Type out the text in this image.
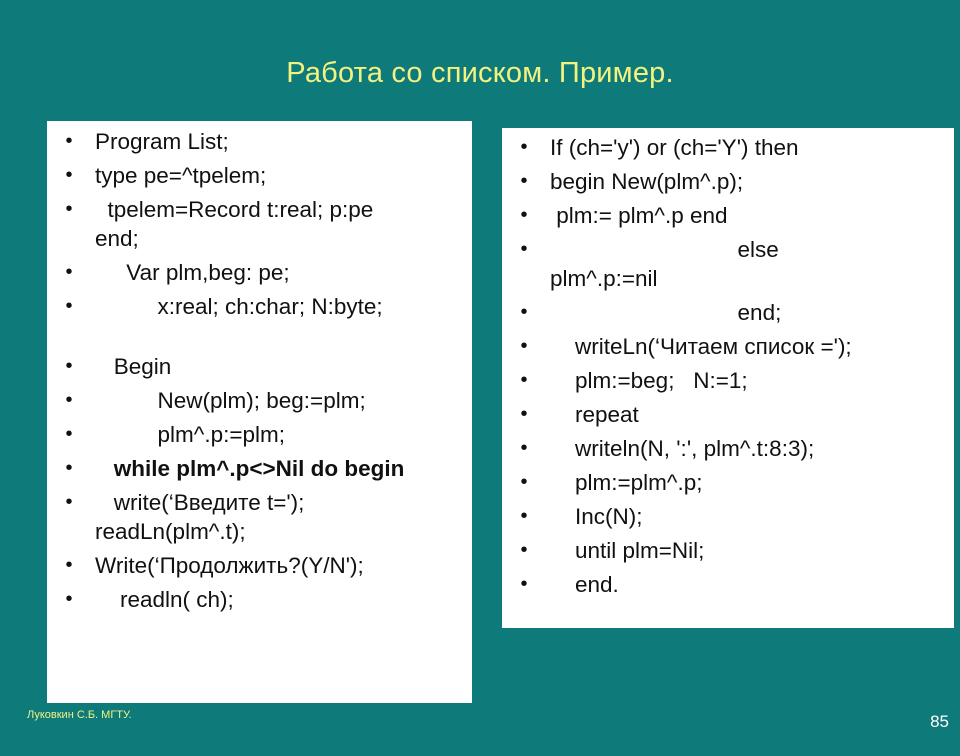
Работа со списком. Пример.
• Program List;
• type pe=^tpelem;
•	tpelem=Record t:real; p:pe
end;
• Var plm,beg: pe;
• x:real; ch:char; N:byte;
• Begin
• New(plm); beg:=plm;
• plm^.p:=plm;
• while plm^.p<>Nil do begin
•	write(‘Введите t=');
readLn(plm^.t);
• Write(‘Продолжить?(Y/N');
• readln( ch);
• If (ch='y') or (ch='Y') then
• begin New(plm^.p);
• plm:= plm^.p end
•	else
plm^.p:=nil
• end;
• writeLn(‘Читаем список =');
• plm:=beg;   N:=1;
• repeat
• writeln(N, ':', plm^.t:8:3);
• plm:=plm^.p;
• Inc(N);
• until plm=Nil;
• end.
Луковкин С.Б. МГТУ.	85
